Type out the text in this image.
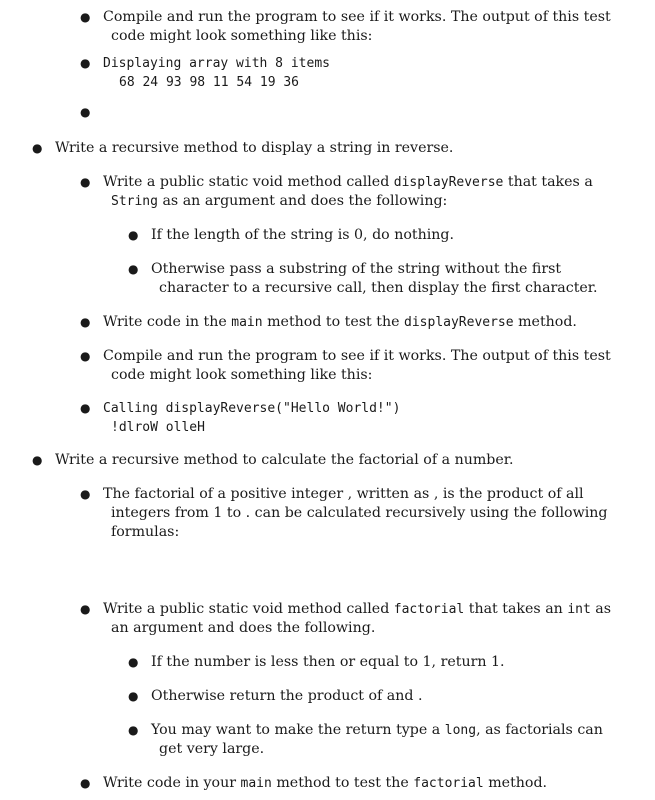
● Compile and run the program to see if it works. The output of this test
code might look something like this:
● Displaying array with 8 items
68 24 93 98 11 54 19 36
●
● Write a recursive method to display a string in reverse.
● Write a public static void method called displayReverse that takes a
String as an argument and does the following:
● If the length of the string is 0, do nothing.
● Otherwise pass a substring of the string without the first
character to a recursive call, then display the first character.
● Write code in the main method to test the displayReverse method.
● Compile and run the program to see if it works. The output of this test
code might look something like this:
● Calling displayReverse("Hello World!")
!dlroW olleH
● Write a recursive method to calculate the factorial of a number.
● The factorial of a positive integer , written as , is the product of all
integers from 1 to . can be calculated recursively using the following
formulas:
● Write a public static void method called factorial that takes an int as
an argument and does the following.
● If the number is less then or equal to 1, return 1.
● Otherwise return the product of and .
● You may want to make the return type a long, as factorials can
get very large.
● Write code in your main method to test the factorial method.
